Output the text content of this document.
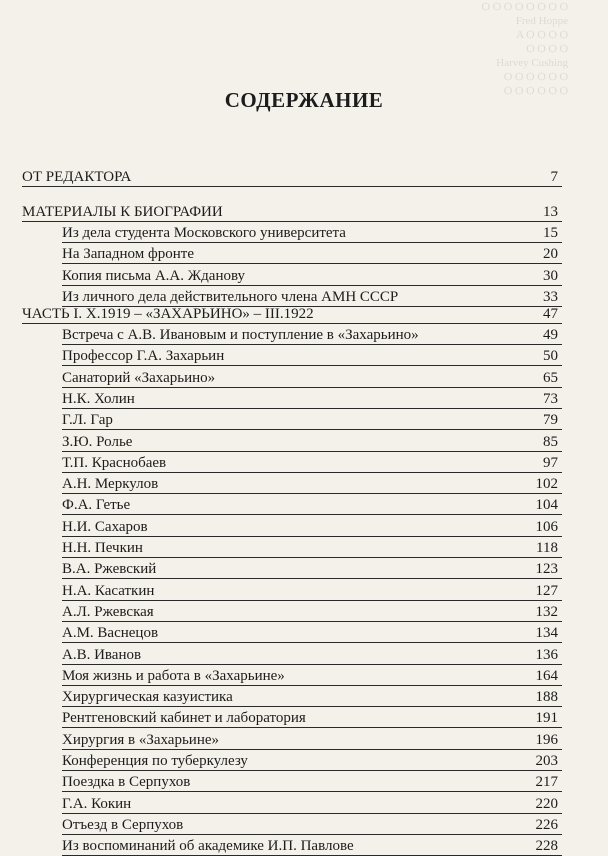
Ѻ Ѻ Ѻ Ѻ Ѻ Ѻ Ѻ Ѻ
Fred Hoppe
A Ѻ Ѻ Ѻ Ѻ
Ѻ Ѻ Ѻ Ѻ
Harvey Cushing
Ѻ Ѻ Ѻ Ѻ Ѻ Ѻ
Ѻ Ѻ Ѻ Ѻ Ѻ Ѻ
СОДЕРЖАНИЕ
ОТ РЕДАКТОРА	7
МАТЕРИАЛЫ К БИОГРАФИИ	13
Из дела студента Московского университета	15
На Западном фронте	20
Копия письма А.А. Жданову	30
Из личного дела действительного члена АМН СССР	33
ЧАСТЬ I. Х.1919 – «ЗАХАРЬИНО» – III.1922	47
Встреча с А.В. Ивановым и поступление в «Захарьино»	49
Профессор Г.А. Захарьин	50
Санаторий «Захарьино»	65
Н.К. Холин	73
Г.Л. Гар	79
З.Ю. Ролье	85
Т.П. Краснобаев	97
А.Н. Меркулов	102
Ф.А. Гетье	104
Н.И. Сахаров	106
Н.Н. Печкин	118
В.А. Ржевский	123
Н.А. Касаткин	127
А.Л. Ржевская	132
А.М. Васнецов	134
А.В. Иванов	136
Моя жизнь и работа в «Захарьине»	164
Хирургическая казуистика	188
Рентгеновский кабинет и лаборатория	191
Хирургия в «Захарьине»	196
Конференция по туберкулезу	203
Поездка в Серпухов	217
Г.А. Кокин	220
Отъезд в Серпухов	226
Из воспоминаний об академике И.П. Павлове	228
